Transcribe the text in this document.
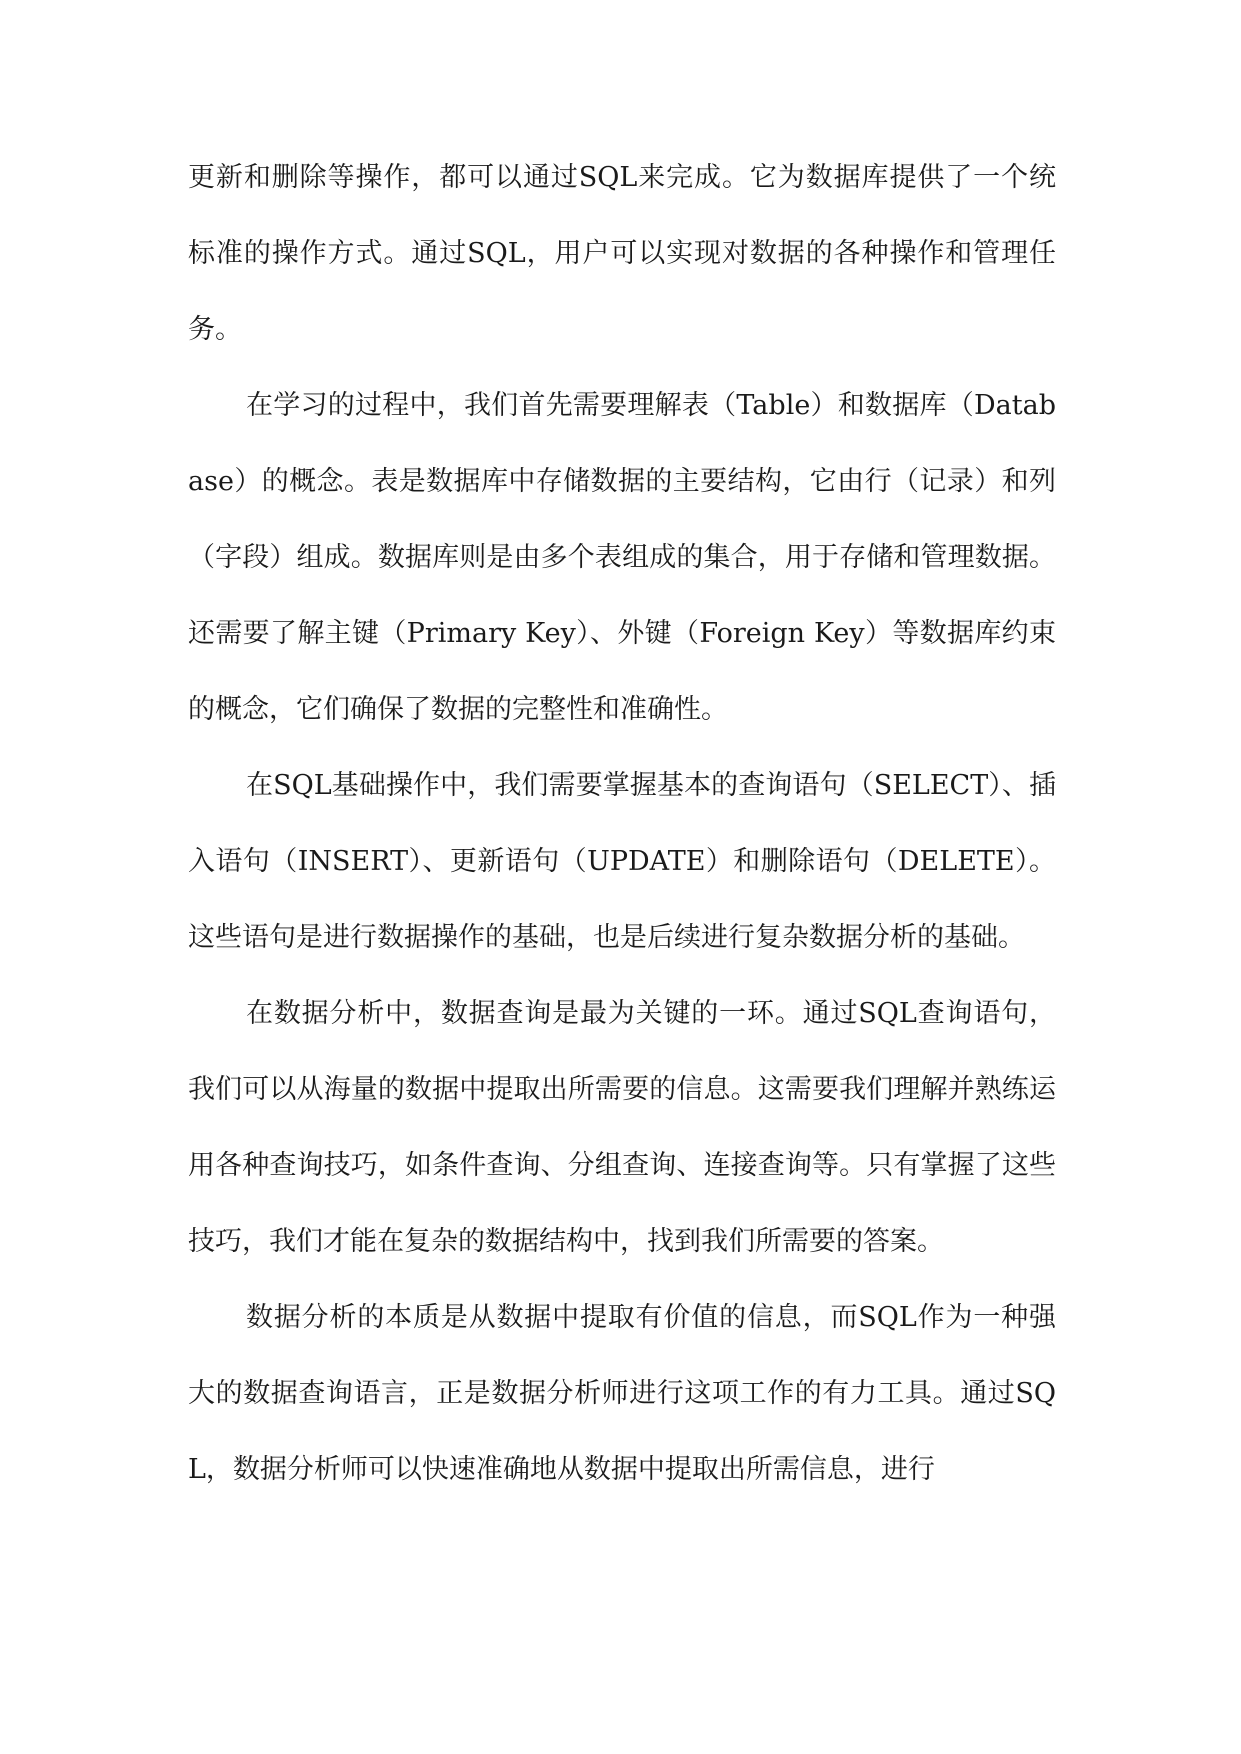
更新和删除等操作，都可以通过SQL来完成。它为数据库提供了一个统标准的操作方式。通过SQL，用户可以实现对数据的各种操作和管理任务。

在学习的过程中，我们首先需要理解表（Table）和数据库（Database）的概念。表是数据库中存储数据的主要结构，它由行（记录）和列（字段）组成。数据库则是由多个表组成的集合，用于存储和管理数据。还需要了解主键（Primary Key）、外键（Foreign Key）等数据库约束的概念，它们确保了数据的完整性和准确性。

在SQL基础操作中，我们需要掌握基本的查询语句（SELECT）、插入语句（INSERT）、更新语句（UPDATE）和删除语句（DELETE）。这些语句是进行数据操作的基础，也是后续进行复杂数据分析的基础。

在数据分析中，数据查询是最为关键的一环。通过SQL查询语句，我们可以从海量的数据中提取出所需要的信息。这需要我们理解并熟练运用各种查询技巧，如条件查询、分组查询、连接查询等。只有掌握了这些技巧，我们才能在复杂的数据结构中，找到我们所需要的答案。

数据分析的本质是从数据中提取有价值的信息，而SQL作为一种强大的数据查询语言，正是数据分析师进行这项工作的有力工具。通过SQL，数据分析师可以快速准确地从数据中提取出所需信息，进行
